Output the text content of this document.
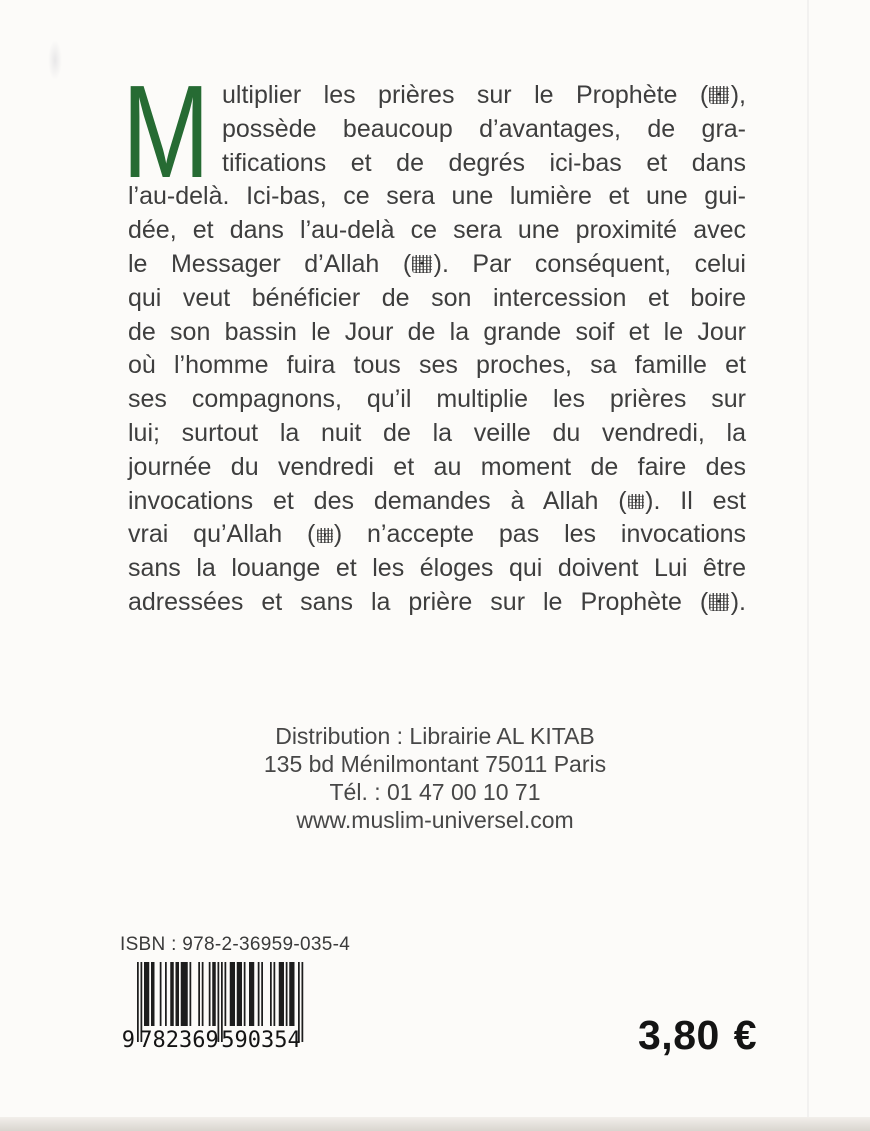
M ultiplier les prières sur le Prophète ( ),
possède beaucoup d’avantages, de gra-
tifications et de degrés ici-bas et dans
l’au-delà. Ici-bas, ce sera une lumière et une gui-
dée, et dans l’au-delà ce sera une proximité avec
le Messager d’Allah ( ). Par conséquent, celui
qui veut bénéficier de son intercession et boire
de son bassin le Jour de la grande soif et le Jour
où l’homme fuira tous ses proches, sa famille et
ses compagnons, qu’il multiplie les prières sur
lui; surtout la nuit de la veille du vendredi, la
journée du vendredi et au moment de faire des
invocations et des demandes à Allah ( ). Il est
vrai qu’Allah ( ) n’accepte pas les invocations
sans la louange et les éloges qui doivent Lui être
adressées et sans la prière sur le Prophète ( ).
Distribution : Librairie AL KITAB
135 bd Ménilmontant 75011 Paris
Tél. : 01 47 00 10 71
www.muslim-universel.com
ISBN : 978-2-36959-035-4
9 782369 590354	3,80 €
